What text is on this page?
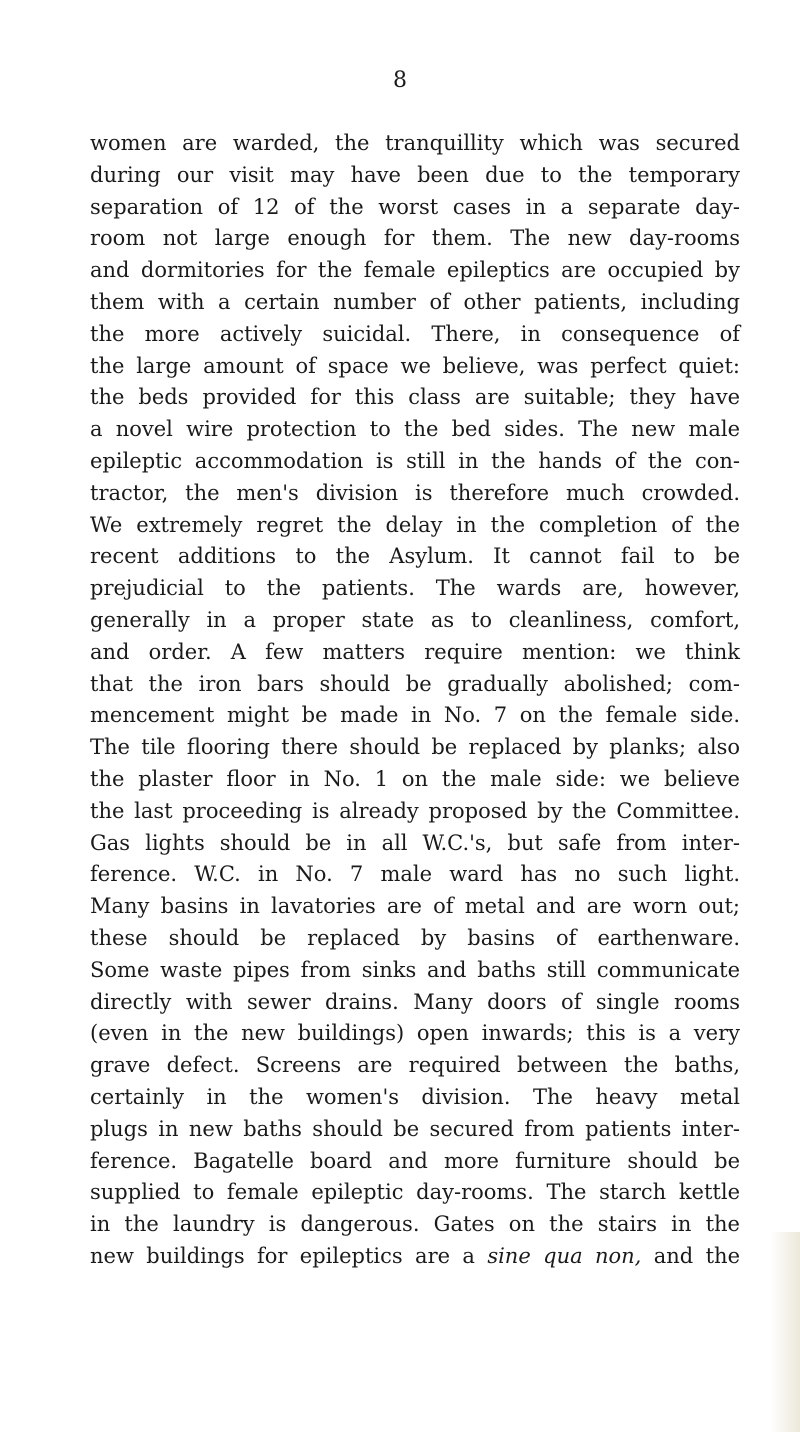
8
women are warded, the tranquillity which was secured
during our visit may have been due to the temporary
separation of 12 of the worst cases in a separate day-
room not large enough for them. The new day-rooms
and dormitories for the female epileptics are occupied by
them with a certain number of other patients, including
the more actively suicidal. There, in consequence of
the large amount of space we believe, was perfect quiet:
the beds provided for this class are suitable; they have
a novel wire protection to the bed sides. The new male
epileptic accommodation is still in the hands of the con-
tractor, the men's division is therefore much crowded.
We extremely regret the delay in the completion of the
recent additions to the Asylum. It cannot fail to be
prejudicial to the patients. The wards are, however,
generally in a proper state as to cleanliness, comfort,
and order. A few matters require mention: we think
that the iron bars should be gradually abolished; com-
mencement might be made in No. 7 on the female side.
The tile flooring there should be replaced by planks; also
the plaster floor in No. 1 on the male side: we believe
the last proceeding is already proposed by the Committee.
Gas lights should be in all W.C.'s, but safe from inter-
ference. W.C. in No. 7 male ward has no such light.
Many basins in lavatories are of metal and are worn out;
these should be replaced by basins of earthenware.
Some waste pipes from sinks and baths still communicate
directly with sewer drains. Many doors of single rooms
(even in the new buildings) open inwards; this is a very
grave defect. Screens are required between the baths,
certainly in the women's division. The heavy metal
plugs in new baths should be secured from patients inter-
ference. Bagatelle board and more furniture should be
supplied to female epileptic day-rooms. The starch kettle
in the laundry is dangerous. Gates on the stairs in the
new buildings for epileptics are a sine qua non, and the
